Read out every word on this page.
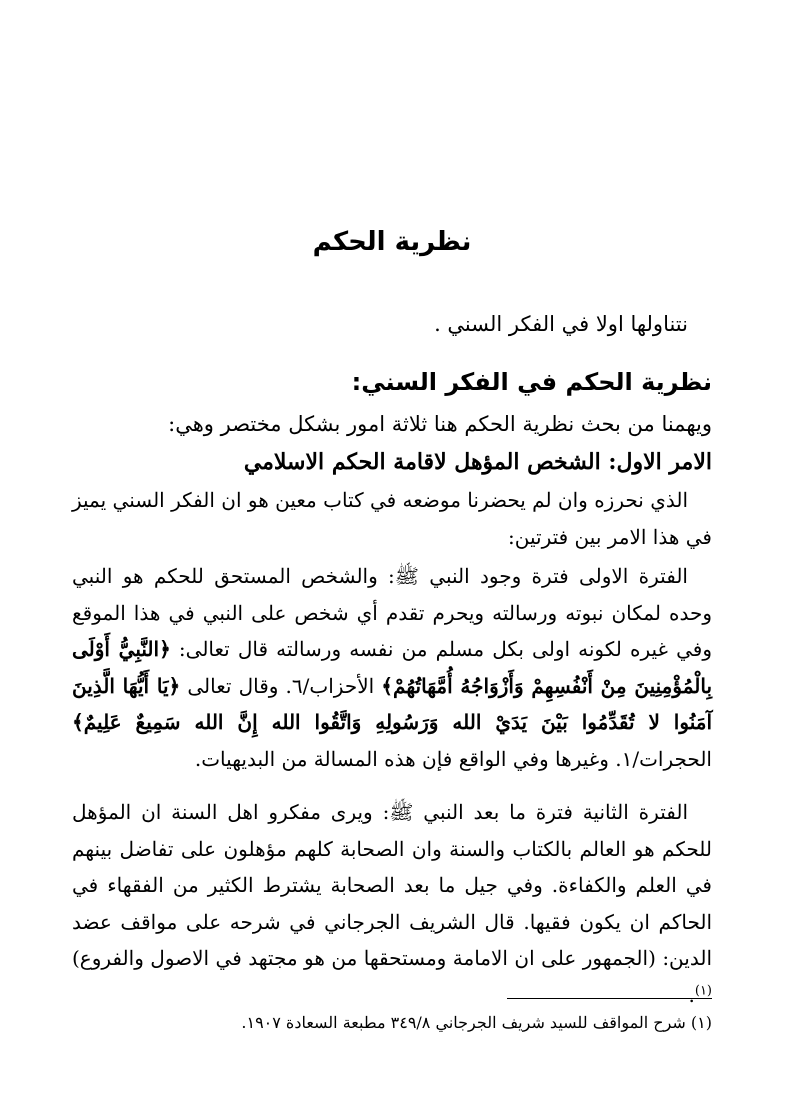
نظرية الحكم
نتناولها اولا في الفكر السني .
نظرية الحكم في الفكر السني:
ويهمنا من بحث نظرية الحكم هنا ثلاثة امور بشكل مختصر وهي:
الامر الاول: الشخص المؤهل لاقامة الحكم الاسلامي

الذي نحرزه وان لم يحضرنا موضعه في كتاب معين هو ان الفكر السني يميز في هذا الامر بين فترتين:

الفترة الاولى فترة وجود النبي ﷺ: والشخص المستحق للحكم هو النبي وحده لمكان نبوته ورسالته ويحرم تقدم أي شخص على النبي في هذا الموقع وفي غيره لكونه اولى بكل مسلم من نفسه ورسالته قال تعالى: ﴿النَّبِيُّ أَوْلَى بِالْمُؤْمِنِينَ مِنْ أَنْفُسِهِمْ وَأَزْوَاجُهُ أُمَّهَاتُهُمْ﴾ الأحزاب/٦. وقال تعالى ﴿يَا أَيُّهَا الَّذِينَ آمَنُوا لا تُقَدِّمُوا بَيْنَ يَدَيْ الله وَرَسُولِهِ وَاتَّقُوا الله إِنَّ الله سَمِيعٌ عَلِيمٌ﴾ الحجرات/١. وغيرها وفي الواقع فإن هذه المسالة من البديهيات.

الفترة الثانية فترة ما بعد النبي ﷺ: ويرى مفكرو اهل السنة ان المؤهل للحكم هو العالم بالكتاب والسنة وان الصحابة كلهم مؤهلون على تفاضل بينهم في العلم والكفاءة. وفي جيل ما بعد الصحابة يشترط الكثير من الفقهاء في الحاكم ان يكون فقيها. قال الشريف الجرجاني في شرحه على مواقف عضد الدين: (الجمهور على ان الامامة ومستحقها من هو مجتهد في الاصول والفروع)$^{(١)}$.

(١) شرح المواقف للسيد شريف الجرجاني ٣٤٩/٨ مطبعة السعادة ١٩٠٧.
